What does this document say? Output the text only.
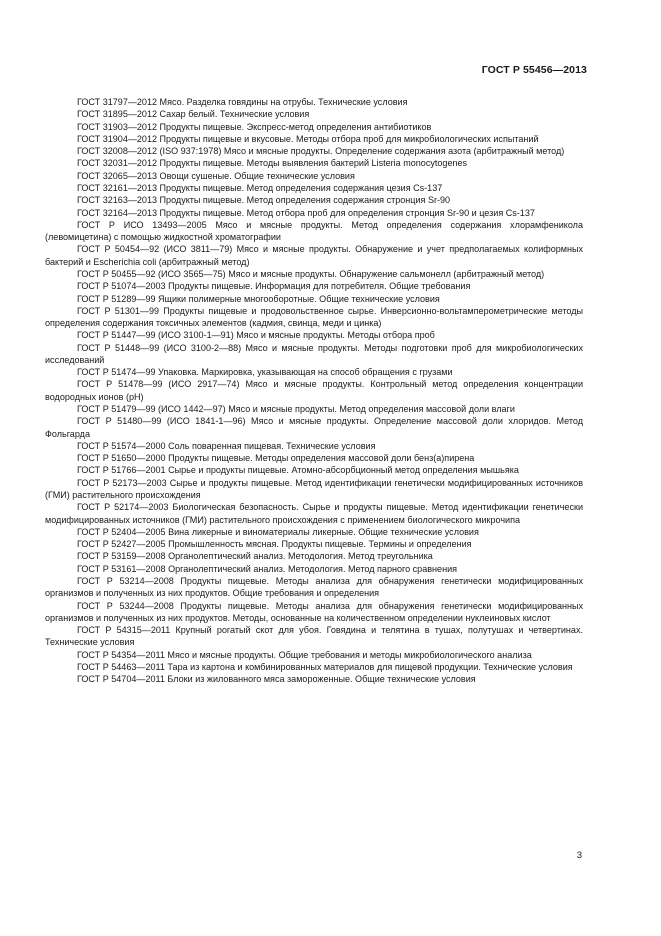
ГОСТ Р 55456—2013

ГОСТ 31797—2012 Мясо. Разделка говядины на отрубы. Технические условия

ГОСТ 31895—2012 Сахар белый. Технические условия

ГОСТ 31903—2012 Продукты пищевые. Экспресс-метод определения антибиотиков

ГОСТ 31904—2012 Продукты пищевые и вкусовые. Методы отбора проб для микробиологических испытаний

ГОСТ 32008—2012 (ISO 937:1978) Мясо и мясные продукты. Определение содержания азота (арбитражный метод)

ГОСТ 32031—2012 Продукты пищевые. Методы выявления бактерий Listeria monocytogenes

ГОСТ 32065—2013 Овощи сушеные. Общие технические условия

ГОСТ 32161—2013 Продукты пищевые. Метод определения содержания цезия Cs-137

ГОСТ 32163—2013 Продукты пищевые. Метод определения содержания стронция Sr-90

ГОСТ 32164—2013 Продукты пищевые. Метод отбора проб для определения стронция Sr-90 и цезия Cs-137

ГОСТ Р ИСО 13493—2005 Мясо и мясные продукты. Метод определения содержания хлорамфеникола (левомицетина) с помощью жидкостной хроматографии

ГОСТ Р 50454—92 (ИСО 3811—79) Мясо и мясные продукты. Обнаружение и учет предполагаемых колиформных бактерий и Escherichia coli (арбитражный метод)

ГОСТ Р 50455—92 (ИСО 3565—75) Мясо и мясные продукты. Обнаружение сальмонелл (арбитражный метод)

ГОСТ Р 51074—2003 Продукты пищевые. Информация для потребителя. Общие требования

ГОСТ Р 51289—99 Ящики полимерные многооборотные. Общие технические условия

ГОСТ Р 51301—99 Продукты пищевые и продовольственное сырье. Инверсионно-вольтамперометрические методы определения содержания токсичных элементов (кадмия, свинца, меди и цинка)

ГОСТ Р 51447—99 (ИСО 3100-1—91) Мясо и мясные продукты. Методы отбора проб

ГОСТ Р 51448—99 (ИСО 3100-2—88) Мясо и мясные продукты. Методы подготовки проб для микробиологических исследований

ГОСТ Р 51474—99 Упаковка. Маркировка, указывающая на способ обращения с грузами

ГОСТ Р 51478—99 (ИСО 2917—74) Мясо и мясные продукты. Контрольный метод определения концентрации водородных ионов (рН)

ГОСТ Р 51479—99 (ИСО 1442—97) Мясо и мясные продукты. Метод определения массовой доли влаги

ГОСТ Р 51480—99 (ИСО 1841-1—96) Мясо и мясные продукты. Определение массовой доли хлоридов. Метод Фольгарда

ГОСТ Р 51574—2000 Соль поваренная пищевая. Технические условия

ГОСТ Р 51650—2000 Продукты пищевые. Методы определения массовой доли бенз(а)пирена

ГОСТ Р 51766—2001 Сырье и продукты пищевые. Атомно-абсорбционный метод определения мышьяка

ГОСТ Р 52173—2003 Сырье и продукты пищевые. Метод идентификации генетически модифицированных источников (ГМИ) растительного происхождения

ГОСТ Р 52174—2003 Биологическая безопасность. Сырье и продукты пищевые. Метод идентификации генетически модифицированных источников (ГМИ) растительного происхождения с применением биологического микрочипа

ГОСТ Р 52404—2005 Вина ликерные и виноматериалы ликерные. Общие технические условия

ГОСТ Р 52427—2005 Промышленность мясная. Продукты пищевые. Термины и определения

ГОСТ Р 53159—2008 Органолептический анализ. Методология. Метод треугольника

ГОСТ Р 53161—2008 Органолептический анализ. Методология. Метод парного сравнения

ГОСТ Р 53214—2008 Продукты пищевые. Методы анализа для обнаружения генетически модифицированных организмов и полученных из них продуктов. Общие требования и определения

ГОСТ Р 53244—2008 Продукты пищевые. Методы анализа для обнаружения генетически модифицированных организмов и полученных из них продуктов. Методы, основанные на количественном определении нуклеиновых кислот

ГОСТ Р 54315—2011 Крупный рогатый скот для убоя. Говядина и телятина в тушах, полутушах и четвертинах. Технические условия

ГОСТ Р 54354—2011 Мясо и мясные продукты. Общие требования и методы микробиологического анализа

ГОСТ Р 54463—2011 Тара из картона и комбинированных материалов для пищевой продукции. Технические условия

ГОСТ Р 54704—2011 Блоки из жилованного мяса замороженные. Общие технические условия

3
